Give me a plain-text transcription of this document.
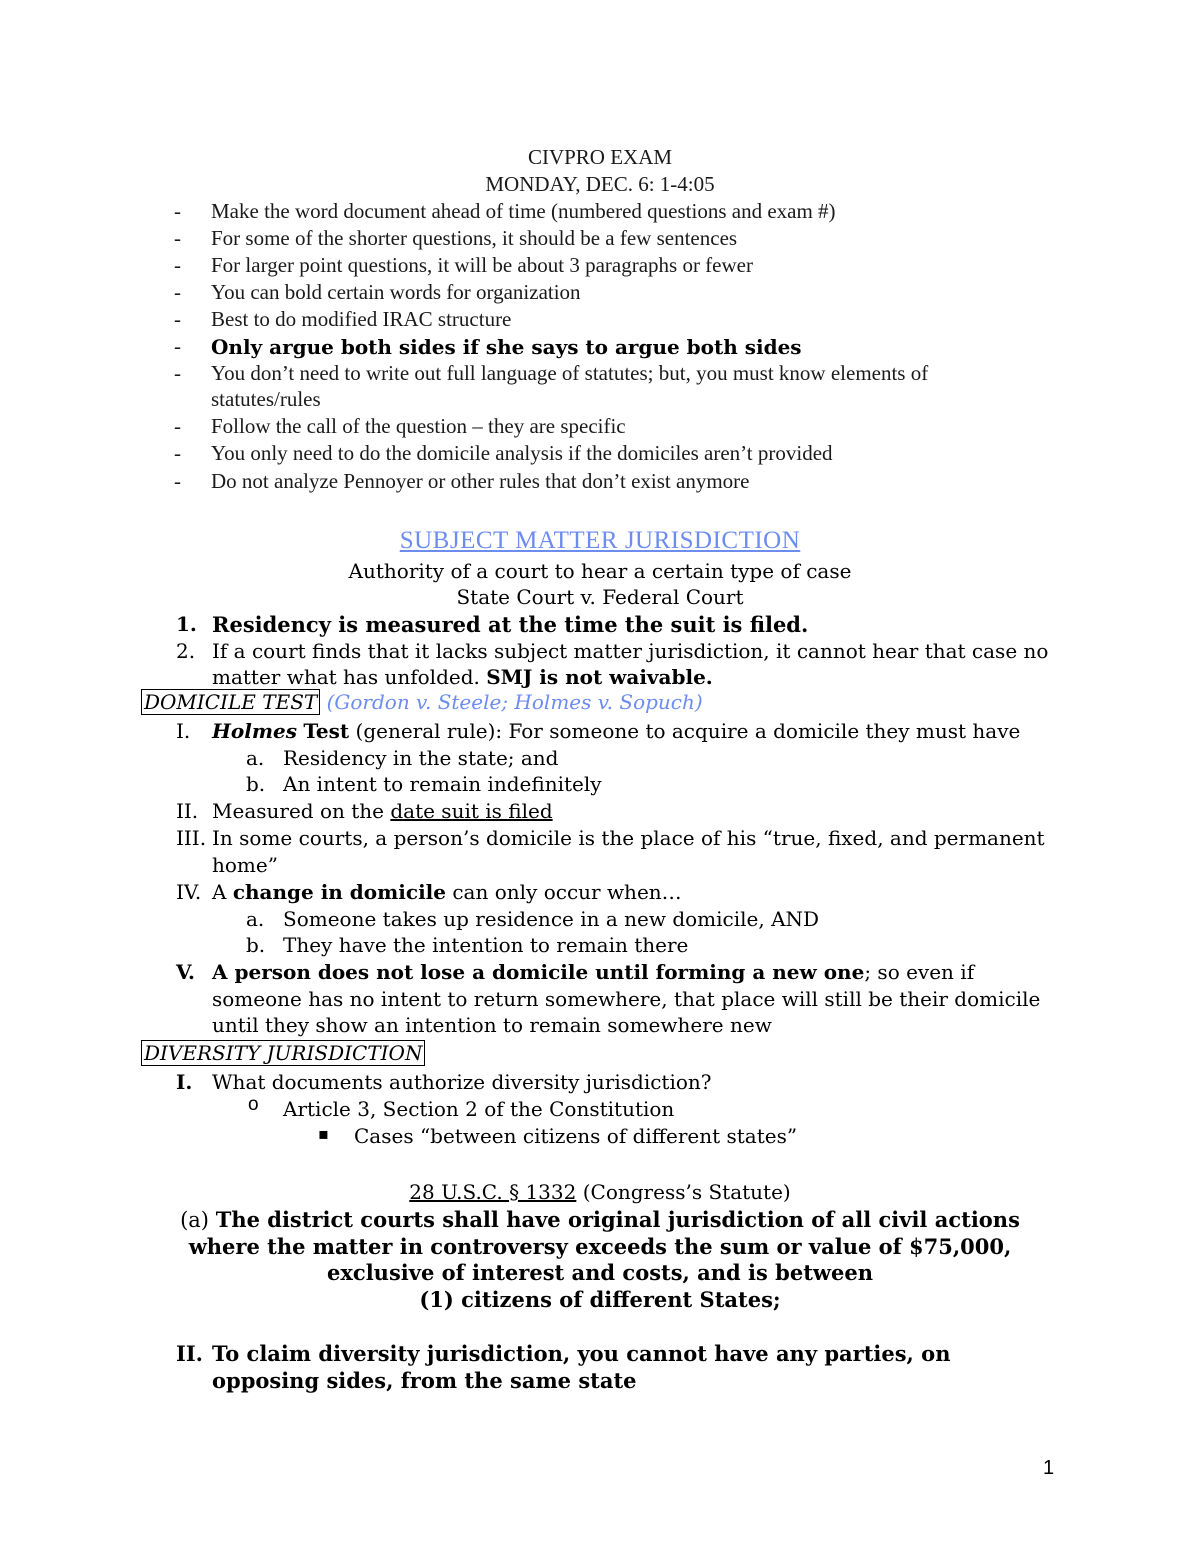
CIVPRO EXAM
MONDAY, DEC. 6: 1-4:05
- Make the word document ahead of time (numbered questions and exam #)
- For some of the shorter questions, it should be a few sentences
- For larger point questions, it will be about 3 paragraphs or fewer
- You can bold certain words for organization
- Best to do modified IRAC structure
- Only argue both sides if she says to argue both sides
- You don’t need to write out full language of statutes; but, you must know elements of
statutes/rules
- Follow the call of the question – they are specific
- You only need to do the domicile analysis if the domiciles aren’t provided
- Do not analyze Pennoyer or other rules that don’t exist anymore
SUBJECT MATTER JURISDICTION
Authority of a court to hear a certain type of case
State Court v. Federal Court
1. Residency is measured at the time the suit is filed.
2. If a court finds that it lacks subject matter jurisdiction, it cannot hear that case no
matter what has unfolded. SMJ is not waivable.
DOMICILE TEST (Gordon v. Steele; Holmes v. Sopuch)
I. Holmes Test (general rule): For someone to acquire a domicile they must have
a. Residency in the state; and
b. An intent to remain indefinitely
II. Measured on the date suit is filed
III. In some courts, a person’s domicile is the place of his “true, fixed, and permanent
home”
IV. A change in domicile can only occur when…
a. Someone takes up residence in a new domicile, AND
b. They have the intention to remain there
V. A person does not lose a domicile until forming a new one; so even if
someone has no intent to return somewhere, that place will still be their domicile
until they show an intention to remain somewhere new
DIVERSITY JURISDICTION
I. What documents authorize diversity jurisdiction?
o Article 3, Section 2 of the Constitution
▪ Cases “between citizens of different states”
28 U.S.C. § 1332 (Congress’s Statute)
(a) The district courts shall have original jurisdiction of all civil actions
where the matter in controversy exceeds the sum or value of $75,000,
exclusive of interest and costs, and is between
(1) citizens of different States;
II. To claim diversity jurisdiction, you cannot have any parties, on
opposing sides, from the same state
1
